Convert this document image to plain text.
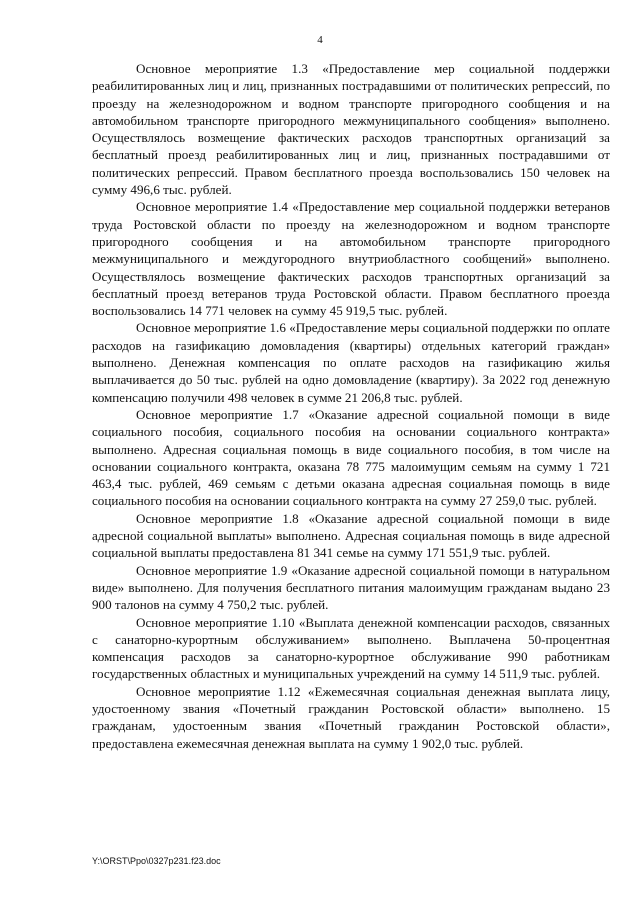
4

Основное мероприятие 1.3 «Предоставление мер социальной поддержки реабилитированных лиц и лиц, признанных пострадавшими от политических репрессий, по проезду на железнодорожном и водном транспорте пригородного сообщения и на автомобильном транспорте пригородного межмуниципального сообщения» выполнено. Осуществлялось возмещение фактических расходов транспортных организаций за бесплатный проезд реабилитированных лиц и лиц, признанных пострадавшими от политических репрессий. Правом бесплатного проезда воспользовались 150 человек на сумму 496,6 тыс. рублей.

Основное мероприятие 1.4 «Предоставление мер социальной поддержки ветеранов труда Ростовской области по проезду на железнодорожном и водном транспорте пригородного сообщения и на автомобильном транспорте пригородного межмуниципального и междугородного внутриобластного сообщений» выполнено. Осуществлялось возмещение фактических расходов транспортных организаций за бесплатный проезд ветеранов труда Ростовской области. Правом бесплатного проезда воспользовались 14 771 человек на сумму 45 919,5 тыс. рублей.

Основное мероприятие 1.6 «Предоставление меры социальной поддержки по оплате расходов на газификацию домовладения (квартиры) отдельных категорий граждан» выполнено. Денежная компенсация по оплате расходов на газификацию жилья выплачивается до 50 тыс. рублей на одно домовладение (квартиру). За 2022 год денежную компенсацию получили 498 человек в сумме 21 206,8 тыс. рублей.

Основное мероприятие 1.7 «Оказание адресной социальной помощи в виде социального пособия, социального пособия на основании социального контракта» выполнено. Адресная социальная помощь в виде социального пособия, в том числе на основании социального контракта, оказана 78 775 малоимущим семьям на сумму 1 721 463,4 тыс. рублей, 469 семьям с детьми оказана адресная социальная помощь в виде социального пособия на основании социального контракта на сумму 27 259,0 тыс. рублей.

Основное мероприятие 1.8 «Оказание адресной социальной помощи в виде адресной социальной выплаты» выполнено. Адресная социальная помощь в виде адресной социальной выплаты предоставлена 81 341 семье на сумму 171 551,9 тыс. рублей.

Основное мероприятие 1.9 «Оказание адресной социальной помощи в натуральном виде» выполнено. Для получения бесплатного питания малоимущим гражданам выдано 23 900 талонов на сумму 4 750,2 тыс. рублей.

Основное мероприятие 1.10 «Выплата денежной компенсации расходов, связанных с санаторно-курортным обслуживанием» выполнено. Выплачена 50-процентная компенсация расходов за санаторно-курортное обслуживание 990 работникам государственных областных и муниципальных учреждений на сумму 14 511,9 тыс. рублей.

Основное мероприятие 1.12 «Ежемесячная социальная денежная выплата лицу, удостоенному звания «Почетный гражданин Ростовской области» выполнено. 15 гражданам, удостоенным звания «Почетный гражданин Ростовской области», предоставлена ежемесячная денежная выплата на сумму 1 902,0 тыс. рублей.

Y:\ORST\Ppo\0327p231.f23.doc
